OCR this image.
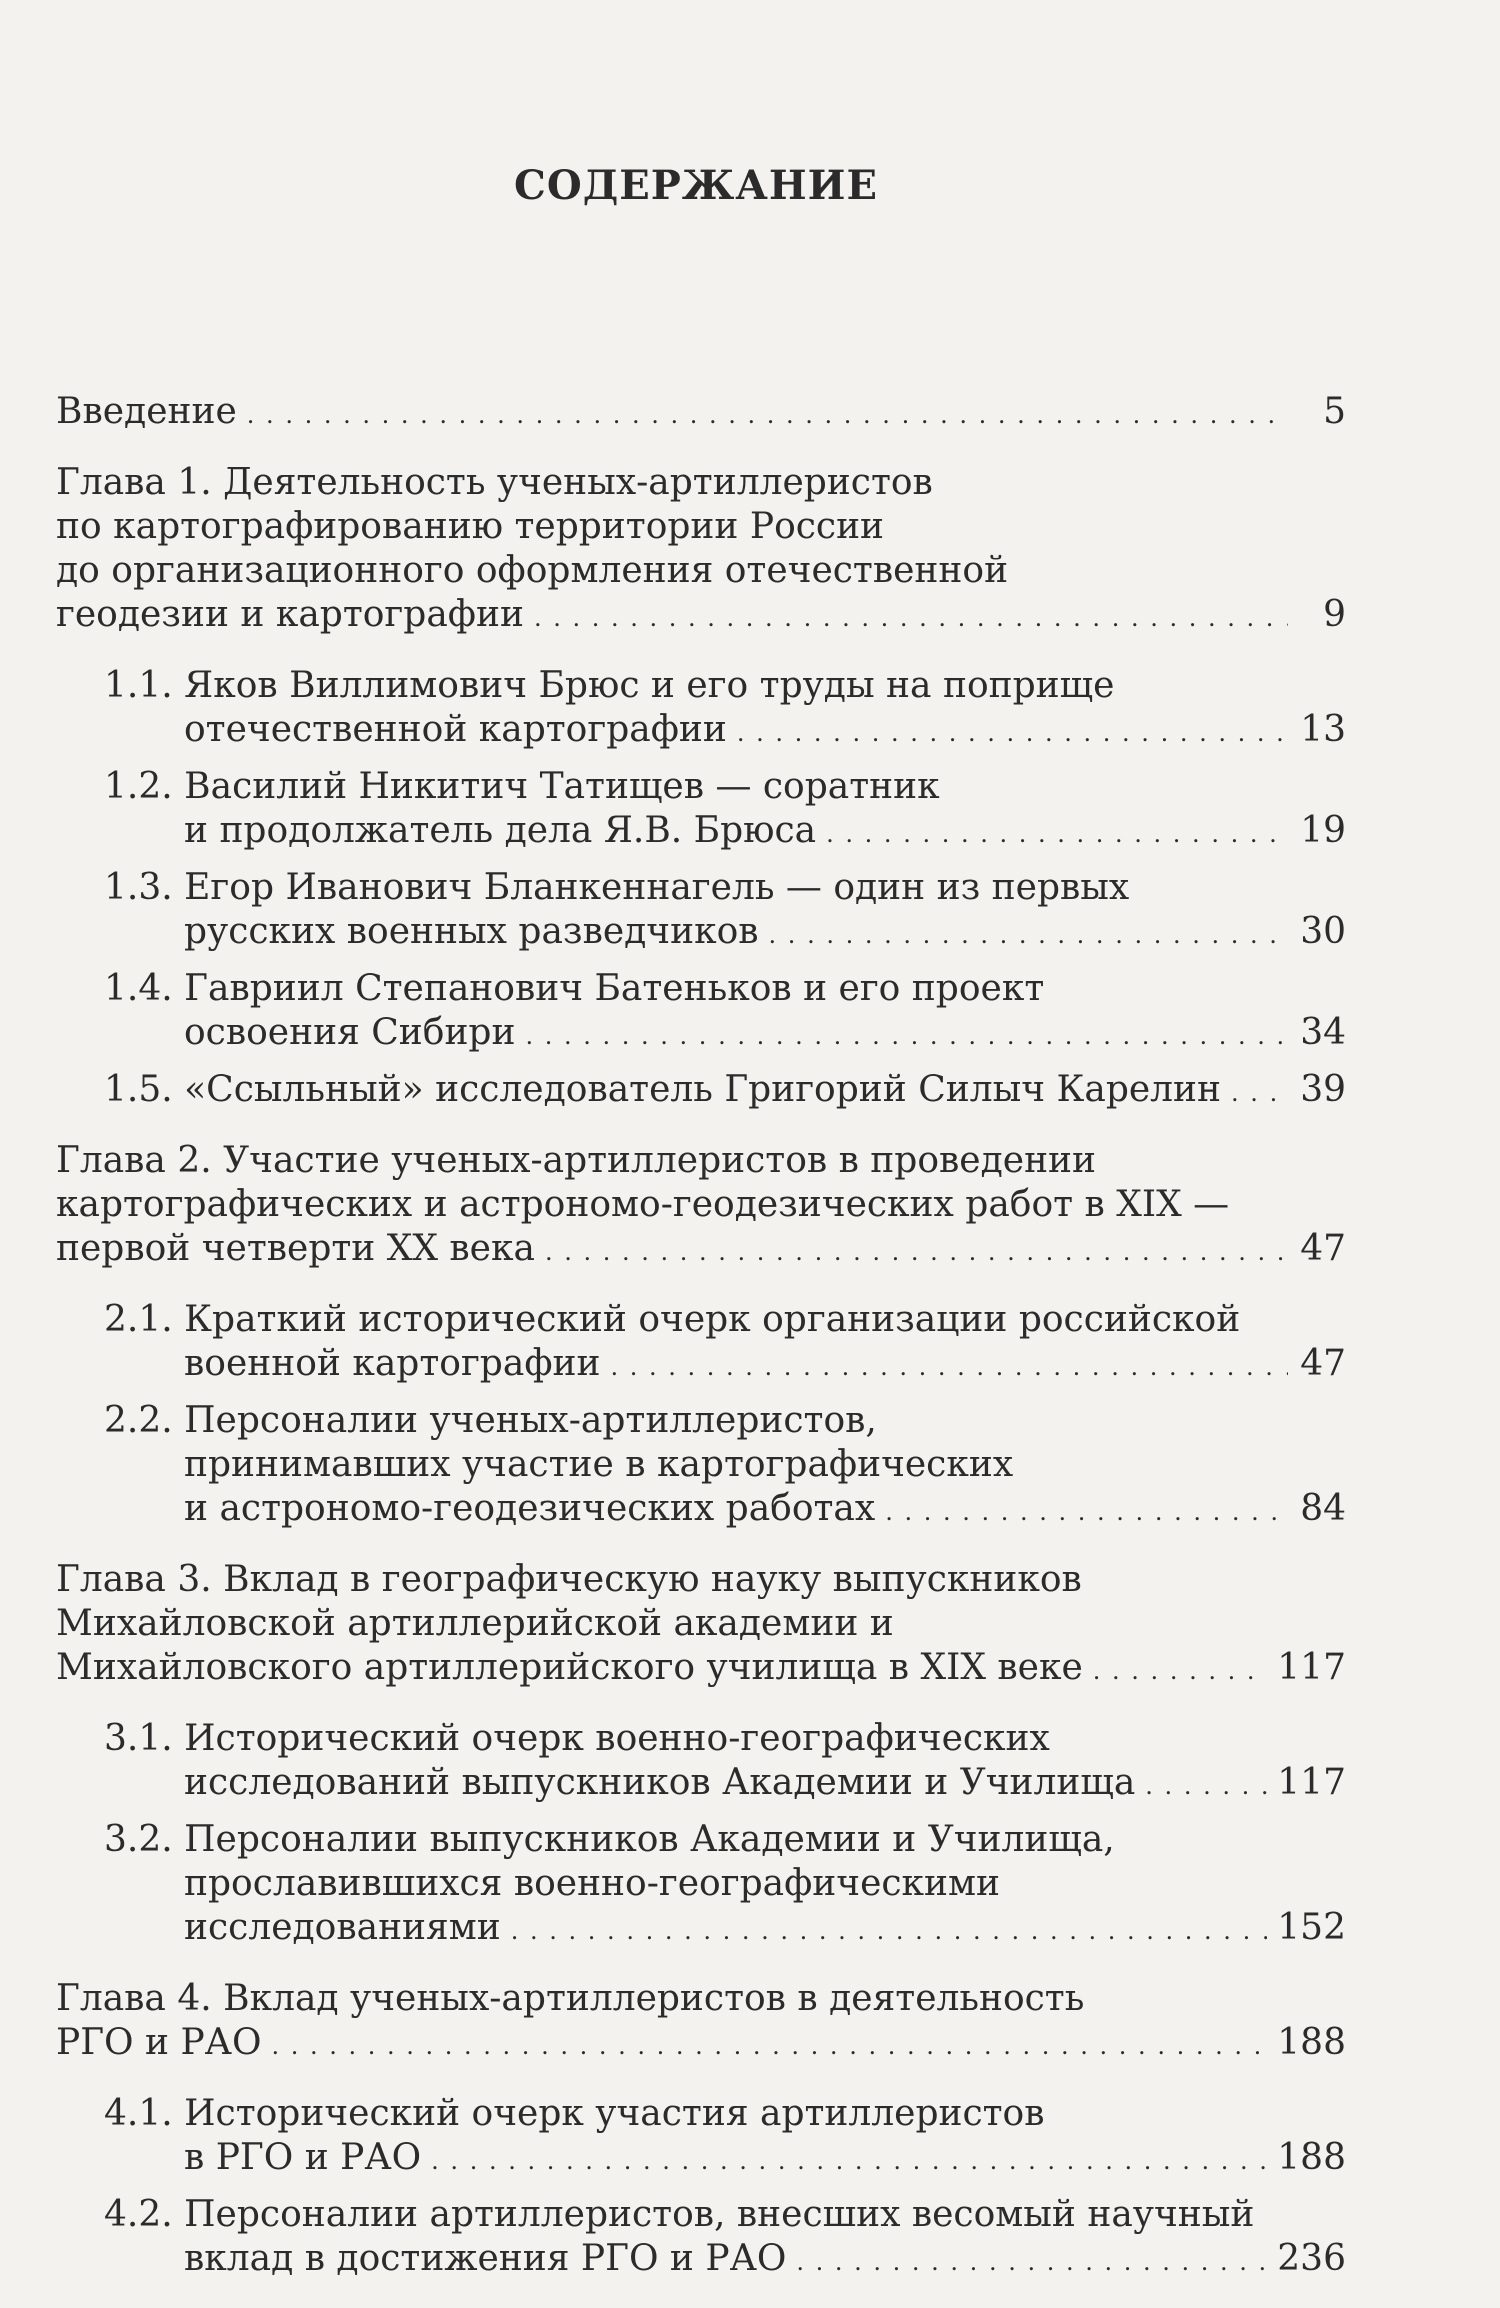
СОДЕРЖАНИЕ
Введение . . .	5
Глава 1. Деятельность ученых-артиллеристов
по картографированию территории России
до организационного оформления отечественной
геодезии и картографии . . .	9
1.1. Яков Виллимович Брюс и его труды на поприще
отечественной картографии . . .	13
1.2. Василий Никитич Татищев — соратник
и продолжатель дела Я.В. Брюса . . .	19
1.3. Егор Иванович Бланкеннагель — один из первых
русских военных разведчиков . . .	30
1.4. Гавриил Степанович Батеньков и его проект
освоения Сибири . . .	34
1.5. «Ссыльный» исследователь Григорий Силыч Карелин . . . 39
Глава 2. Участие ученых-артиллеристов в проведении
картографических и астрономо-геодезических работ в XIX —
первой четверти XX века . . .	47
2.1. Краткий исторический очерк организации российской
военной картографии . . .	47
2.2. Персоналии ученых-артиллеристов,
принимавших участие в картографических
и астрономо-геодезических работах . . .	84
Глава 3. Вклад в географическую науку выпускников
Михайловской артиллерийской академии и
Михайловского артиллерийского училища в XIX веке . . .	117
3.1. Исторический очерк военно-географических
исследований выпускников Академии и Училища . . .	117
3.2. Персоналии выпускников Академии и Училища,
прославившихся военно-географическими
исследованиями . . .	152
Глава 4. Вклад ученых-артиллеристов в деятельность
РГО и РАО . . .	188
4.1. Исторический очерк участия артиллеристов
в РГО и РАО . . .	188
4.2. Персоналии артиллеристов, внесших весомый научный
вклад в достижения РГО и РАО . . .	236
